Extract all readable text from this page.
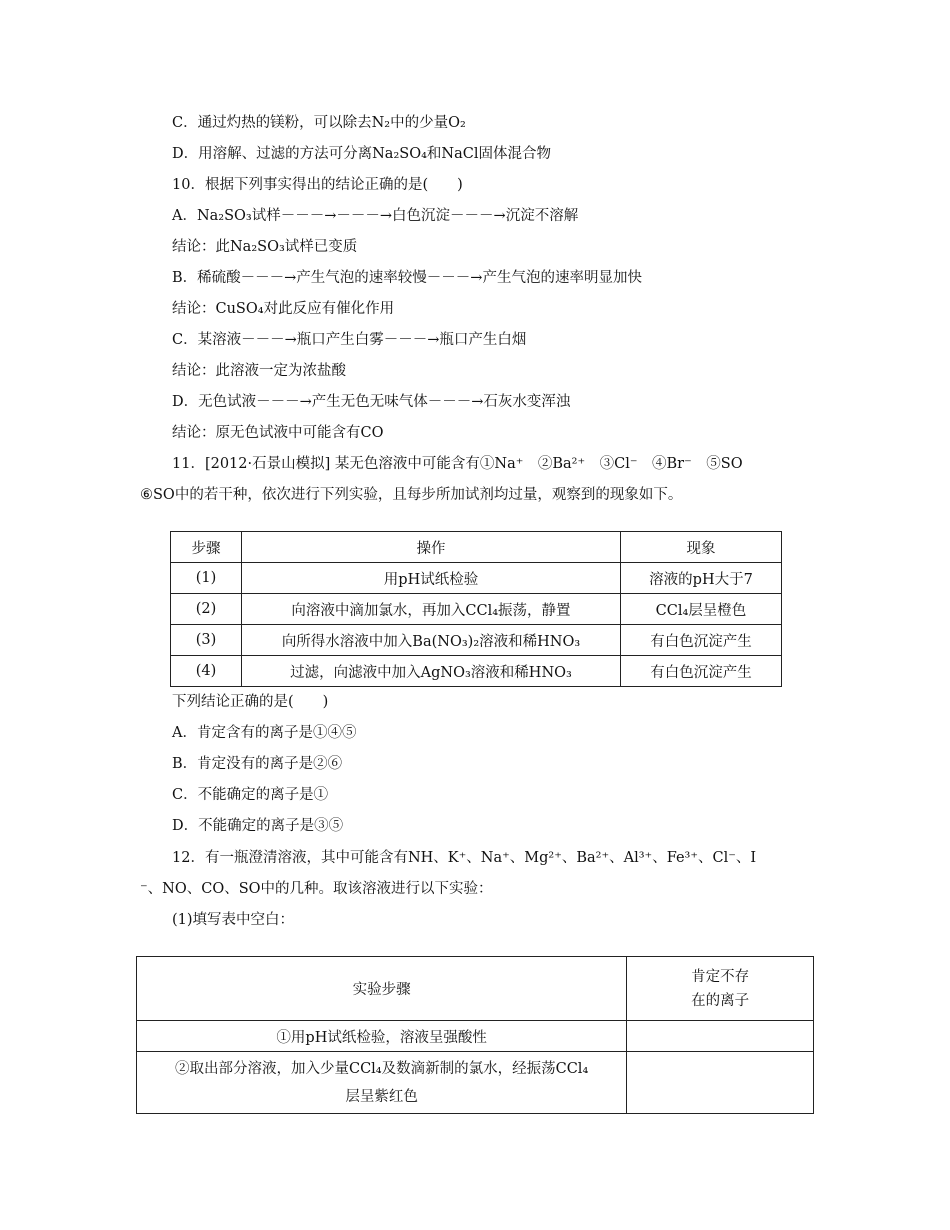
C．通过灼热的镁粉，可以除去N₂中的少量O₂
D．用溶解、过滤的方法可分离Na₂SO₄和NaCl固体混合物
10．根据下列事实得出的结论正确的是(　　)
A．Na₂SO₃试样－－－→－－－→白色沉淀－－－→沉淀不溶解
结论：此Na₂SO₃试样已变质
B．稀硫酸－－－→产生气泡的速率较慢－－－→产生气泡的速率明显加快
结论：CuSO₄对此反应有催化作用
C．某溶液－－－→瓶口产生白雾－－－→瓶口产生白烟
结论：此溶液一定为浓盐酸
D．无色试液－－－→产生无色无味气体－－－→石灰水变浑浊
结论：原无色试液中可能含有CO
11．[2012·石景山模拟] 某无色溶液中可能含有①Na⁺　②Ba²⁺　③Cl⁻　④Br⁻　⑤SO
⑥SO中的若干种，依次进行下列实验，且每步所加试剂均过量，观察到的现象如下。
步骤	操作	现象
(1)	用pH试纸检验	溶液的pH大于7
(2)	向溶液中滴加氯水，再加入CCl₄振荡，静置	CCl₄层呈橙色
(3)	向所得水溶液中加入Ba(NO₃)₂溶液和稀HNO₃	有白色沉淀产生
(4)	过滤，向滤液中加入AgNO₃溶液和稀HNO₃	有白色沉淀产生
下列结论正确的是(　　)
A．肯定含有的离子是①④⑤
B．肯定没有的离子是②⑥
C．不能确定的离子是①
D．不能确定的离子是③⑤
12．有一瓶澄清溶液，其中可能含有NH、K⁺、Na⁺、Mg²⁺、Ba²⁺、Al³⁺、Fe³⁺、Cl⁻、I
⁻、NO、CO、SO中的几种。取该溶液进行以下实验：
(1)填写表中空白：
实验步骤	肯定不存
在的离子

①用pH试纸检验，溶液呈强酸性	

②取出部分溶液，加入少量CCl₄及数滴新制的氯水，经振荡CCl₄
层呈紫红色	
